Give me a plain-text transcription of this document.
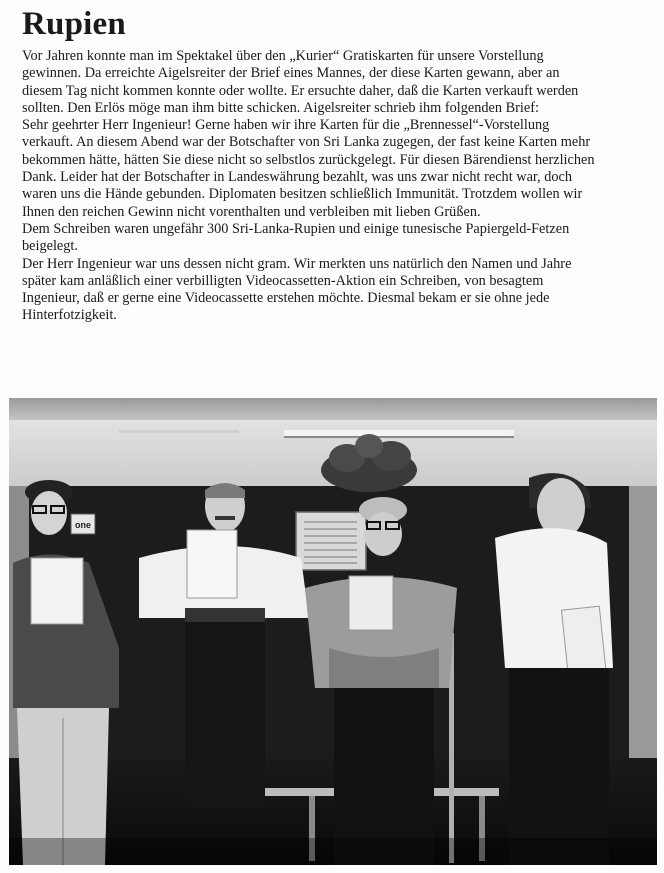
Rupien
Vor Jahren konnte man im Spektakel über den „Kurier“ Gratiskarten für unsere Vorstellung
gewinnen. Da erreichte Aigelsreiter der Brief eines Mannes, der diese Karten gewann, aber an
diesem Tag nicht kommen konnte oder wollte. Er ersuchte daher, daß die Karten verkauft werden
sollten. Den Erlös möge man ihm bitte schicken. Aigelsreiter schrieb ihm folgenden Brief:
Sehr geehrter Herr Ingenieur! Gerne haben wir ihre Karten für die „Brennessel“-Vorstellung
verkauft. An diesem Abend war der Botschafter von Sri Lanka zugegen, der fast keine Karten mehr
bekommen hätte, hätten Sie diese nicht so selbstlos zurückgelegt. Für diesen Bärendienst herzlichen
Dank. Leider hat der Botschafter in Landeswährung bezahlt, was uns zwar nicht recht war, doch
waren uns die Hände gebunden. Diplomaten besitzen schließlich Immunität. Trotzdem wollen wir
Ihnen den reichen Gewinn nicht vorenthalten und verbleiben mit lieben Grüßen.
Dem Schreiben waren ungefähr 300 Sri-Lanka-Rupien und einige tunesische Papiergeld-Fetzen
beigelegt.
Der Herr Ingenieur war uns dessen nicht gram. Wir merkten uns natürlich den Namen und Jahre
später kam anläßlich einer verbilligten Videocassetten-Aktion ein Schreiben, von besagtem
Ingenieur, daß er gerne eine Videocassette erstehen möchte. Diesmal bekam er sie ohne jede
Hinterfotzigkeit.
one
